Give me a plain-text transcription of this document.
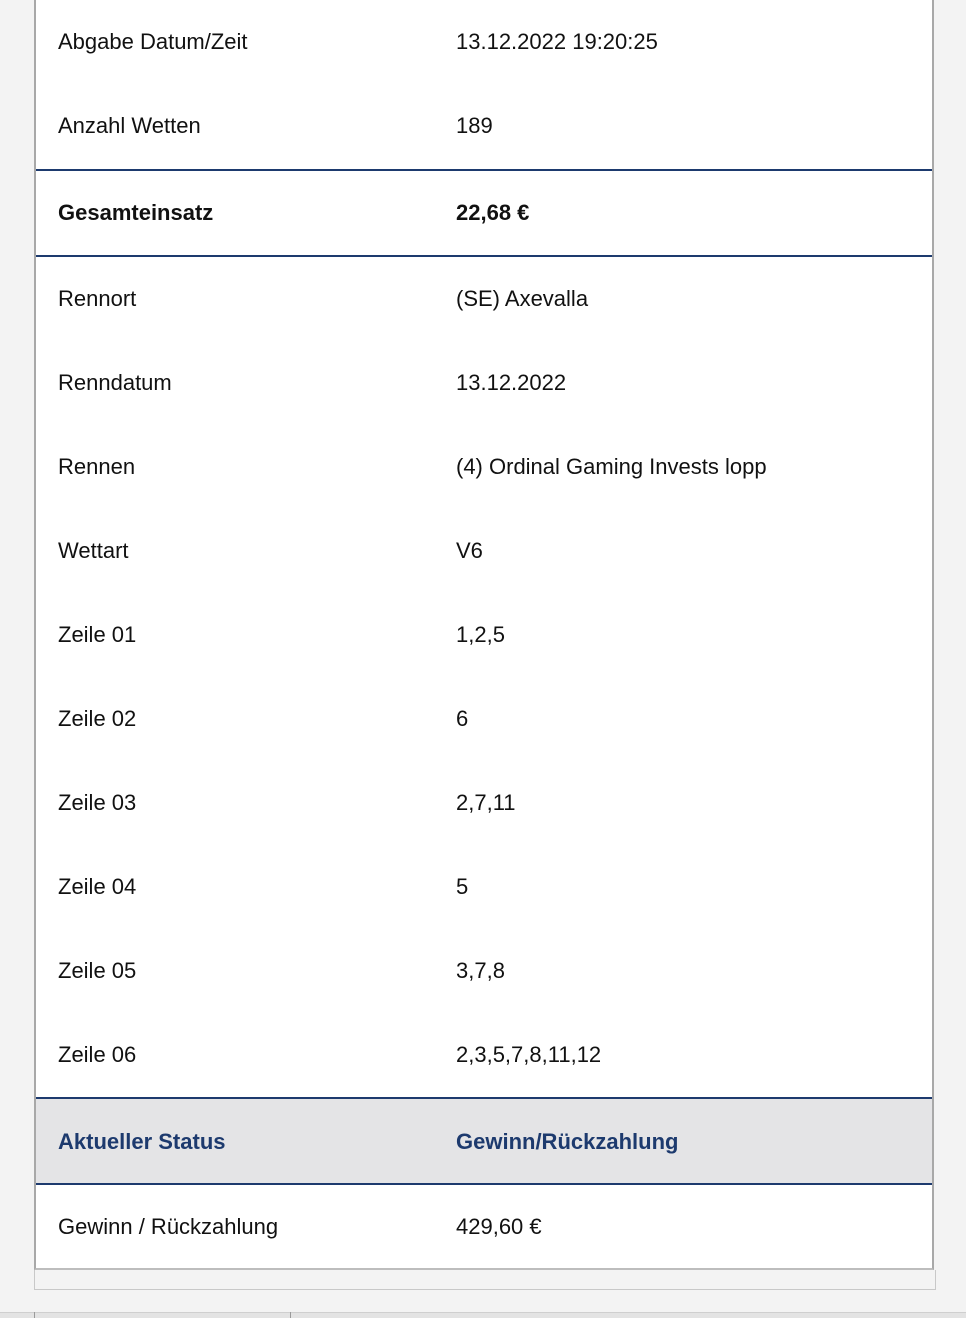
Abgabe Datum/Zeit	13.12.2022 19:20:25
Anzahl Wetten	189
Gesamteinsatz	22,68 €
Rennort	(SE) Axevalla
Renndatum	13.12.2022
Rennen	(4) Ordinal Gaming Invests lopp
Wettart	V6
Zeile 01	1,2,5
Zeile 02	6
Zeile 03	2,7,11
Zeile 04	5
Zeile 05	3,7,8
Zeile 06	2,3,5,7,8,11,12
Aktueller Status	Gewinn/Rückzahlung
Gewinn / Rückzahlung	429,60 €
